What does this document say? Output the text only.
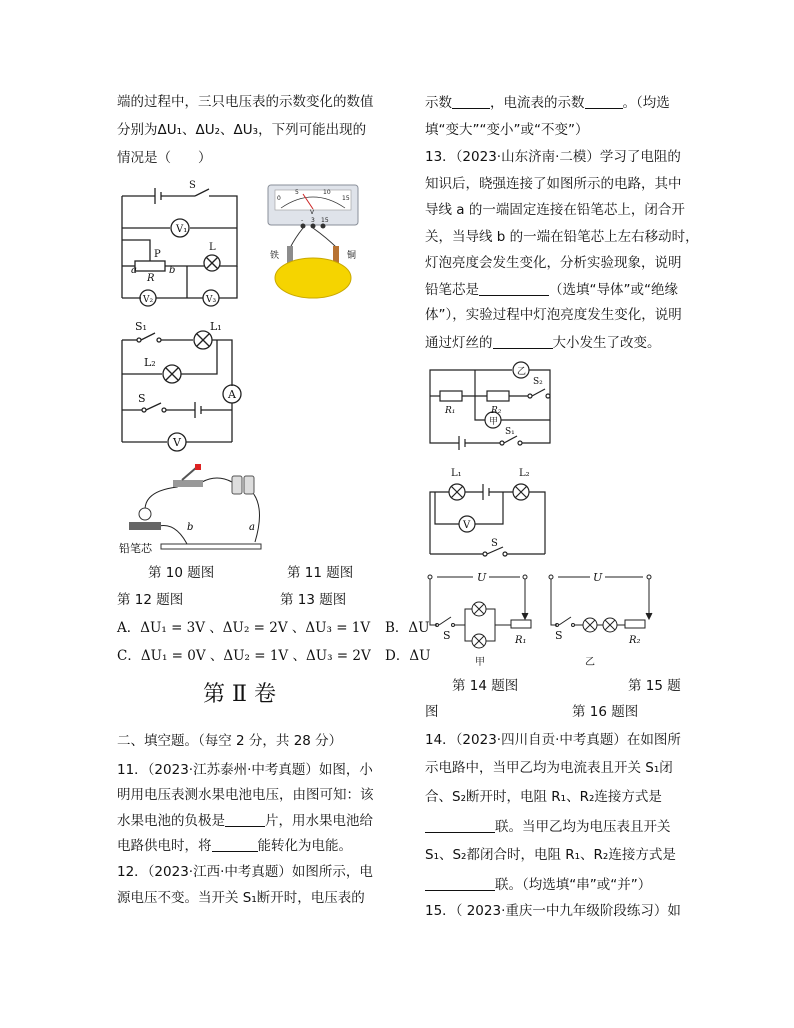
端的过程中，三只电压表的示数变化的数值
分别为ΔU₁、ΔU₂、ΔU₃，下列可能出现的
情况是（　　）
S
V₁
P
R
a	b
L
V₂	V₃
0
5	10
15
V
- 3 15
铁	铜
S₁	L₁
L₂
A
S
V
b	a
铅笔芯
第 10 题图	第 11 题图
第 12 题图	第 13 题图
A．ΔU₁ = 3V 、ΔU₂ = 2V 、ΔU₃ = 1V B．ΔU
C．ΔU₁ = 0V 、ΔU₂ = 1V 、ΔU₃ = 2V D．ΔU
第 Ⅱ 卷
二、填空题。（每空 2 分，共 28 分）
11．（2023·江苏泰州·中考真题）如图，小
明用电压表测水果电池电压，由图可知：该
水果电池的负极是	片，用水果电池给
电路供电时，将	能转化为电能。
12．（2023·江西·中考真题）如图所示，电
源电压不变。当开关 S₁断开时，电压表的
示数	，电流表的示数	。（均选
填“变大”“变小”或“不变”）
13．（2023·山东济南·二模）学习了电阻的
知识后，晓强连接了如图所示的电路，其中
导线 a 的一端固定连接在铅笔芯上，闭合开
关，当导线 b 的一端在铅笔芯上左右移动时，
灯泡亮度会发生变化，分析实验现象，说明
铅笔芯是	（选填“导体”或“绝缘
体”），实验过程中灯泡亮度发生变化，说明
通过灯丝的	大小发生了改变。
乙
甲
R₁	R₂
S₂
S₁
L₁	L₂
V
S
U	U
S	S
R₁	R₂
甲	乙
第 14 题图	第 15 题
图	第 16 题图
14．（2023·四川自贡·中考真题）在如图所
示电路中，当甲乙均为电流表且开关 S₁闭
合、S₂断开时，电阻 R₁、R₂连接方式是
联。当甲乙均为电压表且开关
S₁、S₂都闭合时，电阻 R₁、R₂连接方式是
联。（均选填“串”或“并”）
15．（ 2023·重庆一中九年级阶段练习）如
